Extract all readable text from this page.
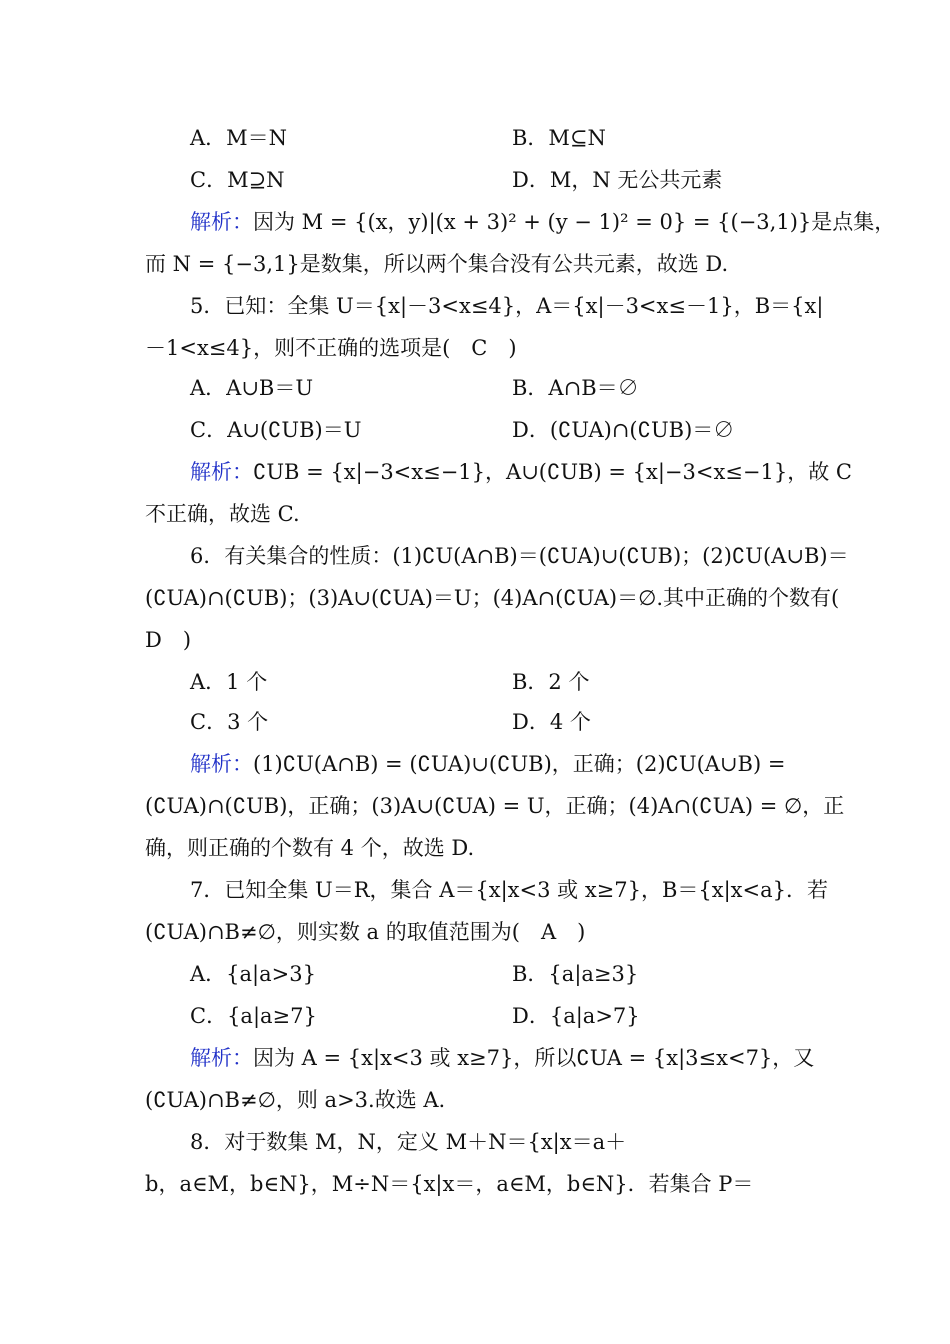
A．M＝N	B．M⊆N
C．M⊇N	D．M，N 无公共元素
解析：因为 M = {(x，y)|(x + 3)² + (y − 1)² = 0} = {(−3,1)}是点集，
而 N = {−3,1}是数集，所以两个集合没有公共元素，故选 D.
5．已知：全集 U＝{x|－3<x≤4}，A＝{x|－3<x≤－1}，B＝{x|
－1<x≤4}，则不正确的选项是(　C　)
A．A∪B＝U	B．A∩B＝∅
C．A∪(∁UB)＝U	D．(∁UA)∩(∁UB)＝∅
解析：∁UB = {x|−3<x≤−1}，A∪(∁UB) = {x|−3<x≤−1}，故 C
不正确，故选 C.
6．有关集合的性质：(1)∁U(A∩B)＝(∁UA)∪(∁UB)；(2)∁U(A∪B)＝
(∁UA)∩(∁UB)；(3)A∪(∁UA)＝U；(4)A∩(∁UA)＝∅.其中正确的个数有(
D　)
A．1 个	B．2 个
C．3 个	D．4 个
解析：(1)∁U(A∩B) = (∁UA)∪(∁UB)，正确；(2)∁U(A∪B) =
(∁UA)∩(∁UB)，正确；(3)A∪(∁UA) = U，正确；(4)A∩(∁UA) = ∅，正
确，则正确的个数有 4 个，故选 D.
7．已知全集 U＝R，集合 A＝{x|x<3 或 x≥7}，B＝{x|x<a}．若
(∁UA)∩B≠∅，则实数 a 的取值范围为(　A　)
A．{a|a>3}	B．{a|a≥3}
C．{a|a≥7}	D．{a|a>7}
解析：因为 A = {x|x<3 或 x≥7}，所以∁UA = {x|3≤x<7}，又
(∁UA)∩B≠∅，则 a>3.故选 A.
8．对于数集 M，N，定义 M＋N＝{x|x＝a＋
b，a∈M，b∈N}，M÷N＝{x|x＝，a∈M，b∈N}．若集合 P＝
